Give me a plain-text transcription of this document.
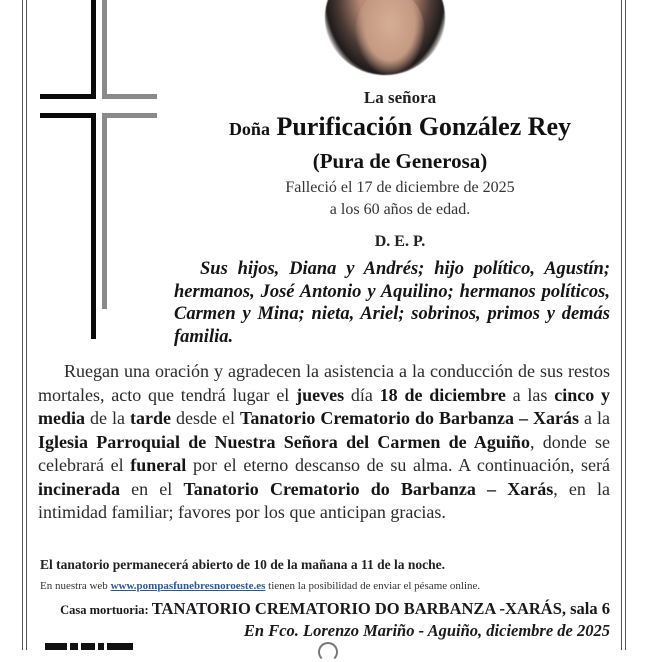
La señora
Doña Purificación González Rey
(Pura de Generosa)
Falleció el 17 de diciembre de 2025
a los 60 años de edad.
D. E. P.
Sus hijos, Diana y Andrés; hijo político, Agustín; hermanos, José Antonio y Aquilino; hermanos políticos, Carmen y Mina; nieta, Ariel; sobrinos, primos y demás familia.
Ruegan una oración y agradecen la asistencia a la conducción de sus restos mortales, acto que tendrá lugar el jueves día 18 de diciembre a las cinco y media de la tarde desde el Tanatorio Crematorio do Barbanza – Xarás a la Iglesia Parroquial de Nuestra Señora del Carmen de Aguiño, donde se celebrará el funeral por el eterno descanso de su alma. A continuación, será incinerada en el Tanatorio Crematorio do Barbanza – Xarás, en la intimidad familiar; favores por los que anticipan gracias.
El tanatorio permanecerá abierto de 10 de la mañana a 11 de la noche.
En nuestra web www.pompasfunebresnoroeste.es tienen la posibilidad de enviar el pésame online.
Casa mortuoria: TANATORIO CREMATORIO DO BARBANZA -XARÁS, sala 6
En Fco. Lorenzo Mariño - Aguiño, diciembre de 2025
